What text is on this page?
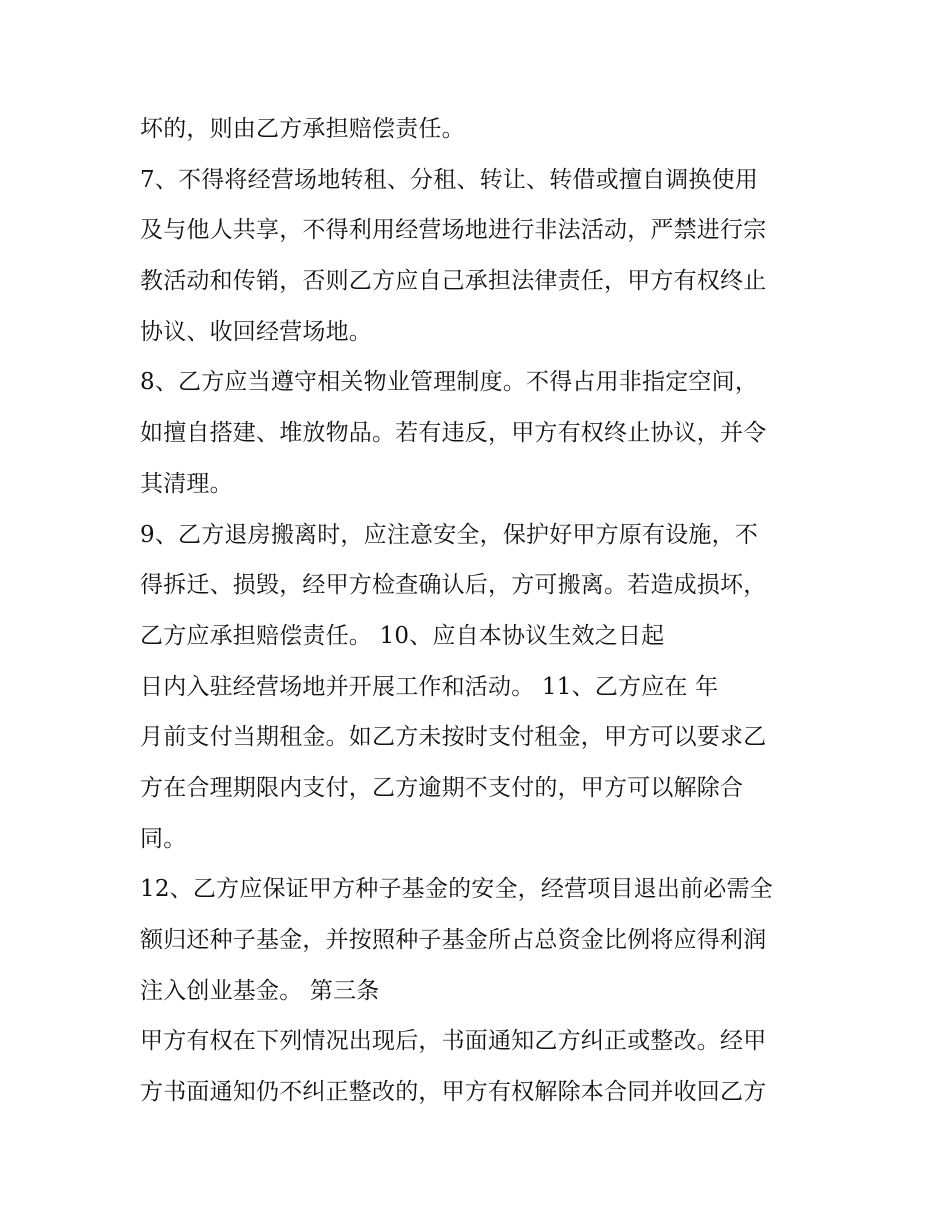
坏的，则由乙方承担赔偿责任。
7、不得将经营场地转租、分租、转让、转借或擅自调换使用
及与他人共享，不得利用经营场地进行非法活动，严禁进行宗
教活动和传销，否则乙方应自己承担法律责任，甲方有权终止
协议、收回经营场地。
8、乙方应当遵守相关物业管理制度。不得占用非指定空间，
如擅自搭建、堆放物品。若有违反，甲方有权终止协议，并令
其清理。
9、乙方退房搬离时，应注意安全，保护好甲方原有设施，不
得拆迁、损毁，经甲方检查确认后，方可搬离。若造成损坏，
乙方应承担赔偿责任。 10、应自本协议生效之日起
日内入驻经营场地并开展工作和活动。 11、乙方应在 年
月前支付当期租金。如乙方未按时支付租金，甲方可以要求乙
方在合理期限内支付，乙方逾期不支付的，甲方可以解除合
同。
12、乙方应保证甲方种子基金的安全，经营项目退出前必需全
额归还种子基金，并按照种子基金所占总资金比例将应得利润
注入创业基金。 第三条
甲方有权在下列情况出现后，书面通知乙方纠正或整改。经甲
方书面通知仍不纠正整改的，甲方有权解除本合同并收回乙方
